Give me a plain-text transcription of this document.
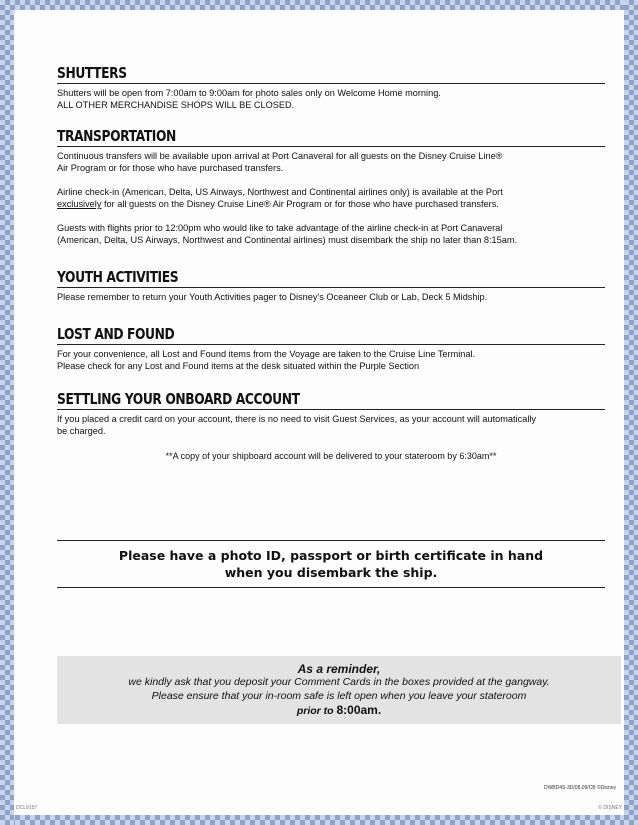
SHUTTERS

Shutters will be open from 7:00am to 9:00am for photo sales only on Welcome Home morning.
ALL OTHER MERCHANDISE SHOPS WILL BE CLOSED.

TRANSPORTATION

Continuous transfers will be available upon arrival at Port Canaveral for all guests on the Disney Cruise Line®
Air Program or for those who have purchased transfers.

Airline check-in (American, Delta, US Airways, Northwest and Continental airlines only) is available at the Port
exclusively for all guests on the Disney Cruise Line® Air Program or for those who have purchased transfers.

Guests with flights prior to 12:00pm who would like to take advantage of the airline check-in at Port Canaveral
(American, Delta, US Airways, Northwest and Continental airlines) must disembark the ship no later than 8:15am.

YOUTH ACTIVITIES

Please remember to return your Youth Activities pager to Disney's Oceaneer Club or Lab, Deck 5 Midship.

LOST AND FOUND

For your convenience, all Lost and Found items from the Voyage are taken to the Cruise Line Terminal.
Please check for any Lost and Found items at the desk situated within the Purple Section

SETTLING YOUR ONBOARD ACCOUNT

If you placed a credit card on your account, there is no need to visit Guest Services, as your account will automatically
be charged.

**A copy of your shipboard account will be delivered to your stateroom by 6:30am**
Please have a photo ID, passport or birth certificate in hand
when you disembark the ship.
As a reminder,
we kindly ask that you deposit your Comment Cards in the boxes provided at the gangway.
Please ensure that your in-room safe is left open when you leave your stateroom
prior to 8:00am.
DWBD4S-3D/08.09/CB ©Disney
DCL9157	© DISNEY
